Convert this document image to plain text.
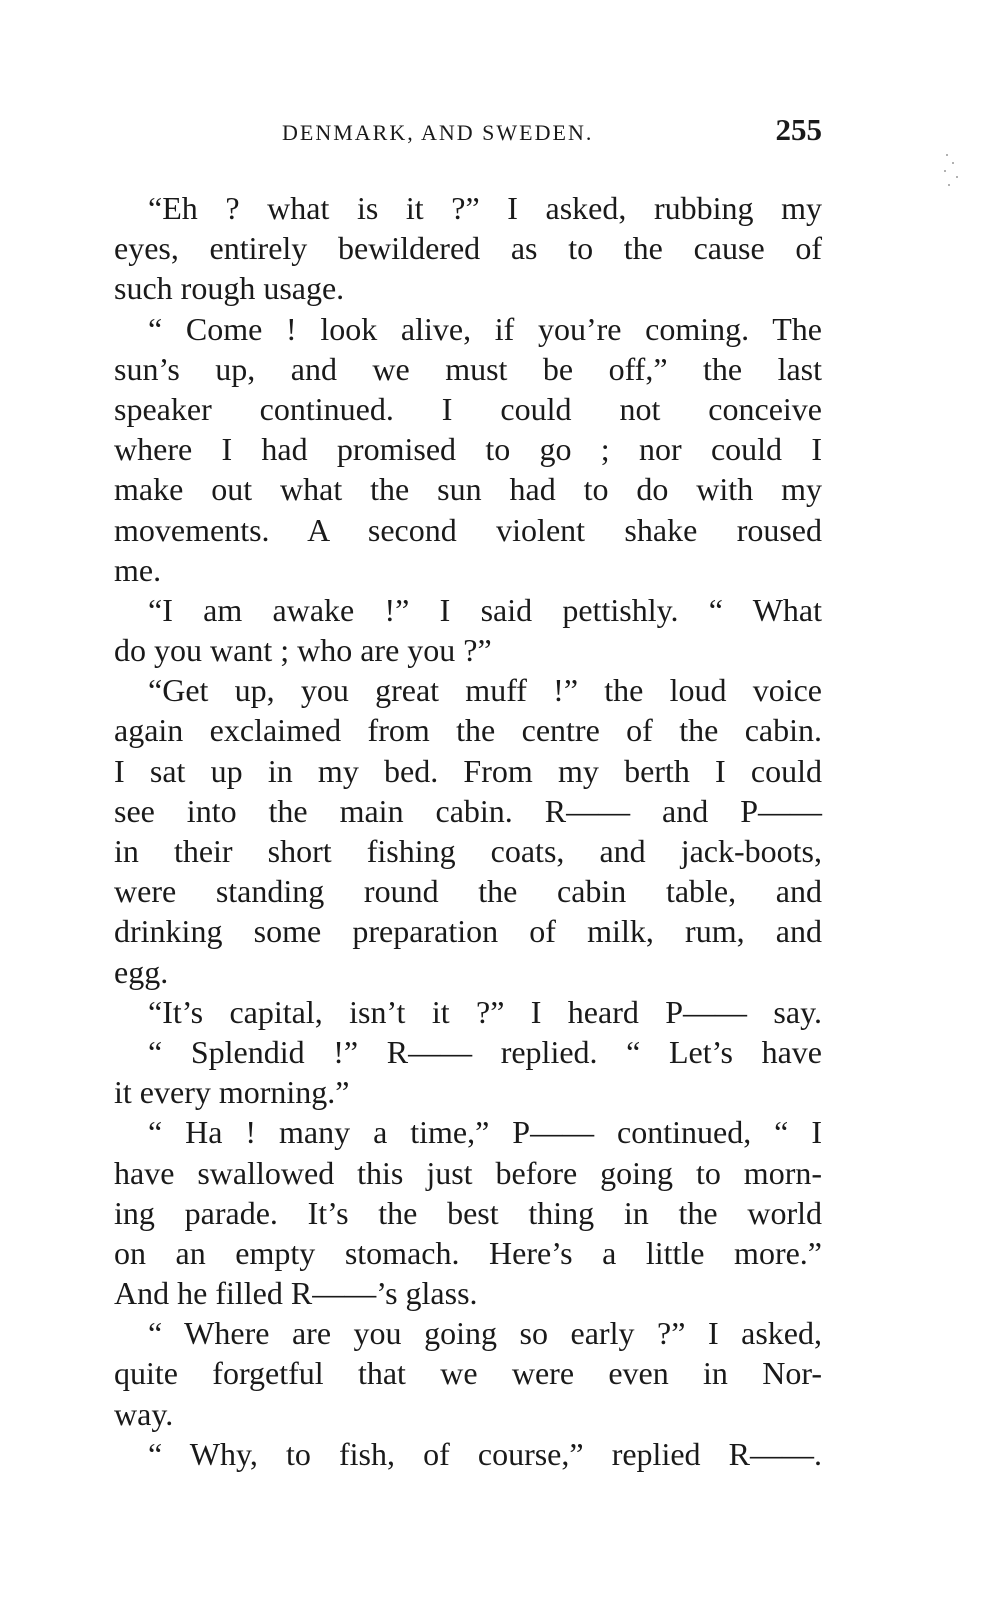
DENMARK, AND SWEDEN.	255
“Eh ? what is it ?” I asked, rubbing my
eyes, entirely bewildered as to the cause of
such rough usage.
“ Come ! look alive, if you’re coming. The
sun’s up, and we must be off,” the last
speaker continued. I could not conceive
where I had promised to go ; nor could I
make out what the sun had to do with my
movements. A second violent shake roused
me.
“I am awake !” I said pettishly. “ What
do you want ; who are you ?”
“Get up, you great muff !” the loud voice
again exclaimed from the centre of the cabin.
I sat up in my bed. From my berth I could
see into the main cabin. R—— and P——
in their short fishing coats, and jack-boots,
were standing round the cabin table, and
drinking some preparation of milk, rum, and
egg.
“It’s capital, isn’t it ?” I heard P—— say.
“ Splendid !” R—— replied. “ Let’s have
it every morning.”
“ Ha ! many a time,” P—— continued, “ I
have swallowed this just before going to morn-
ing parade. It’s the best thing in the world
on an empty stomach. Here’s a little more.”
And he filled R——’s glass.
“ Where are you going so early ?” I asked,
quite forgetful that we were even in Nor-
way.
“ Why, to fish, of course,” replied R——.
